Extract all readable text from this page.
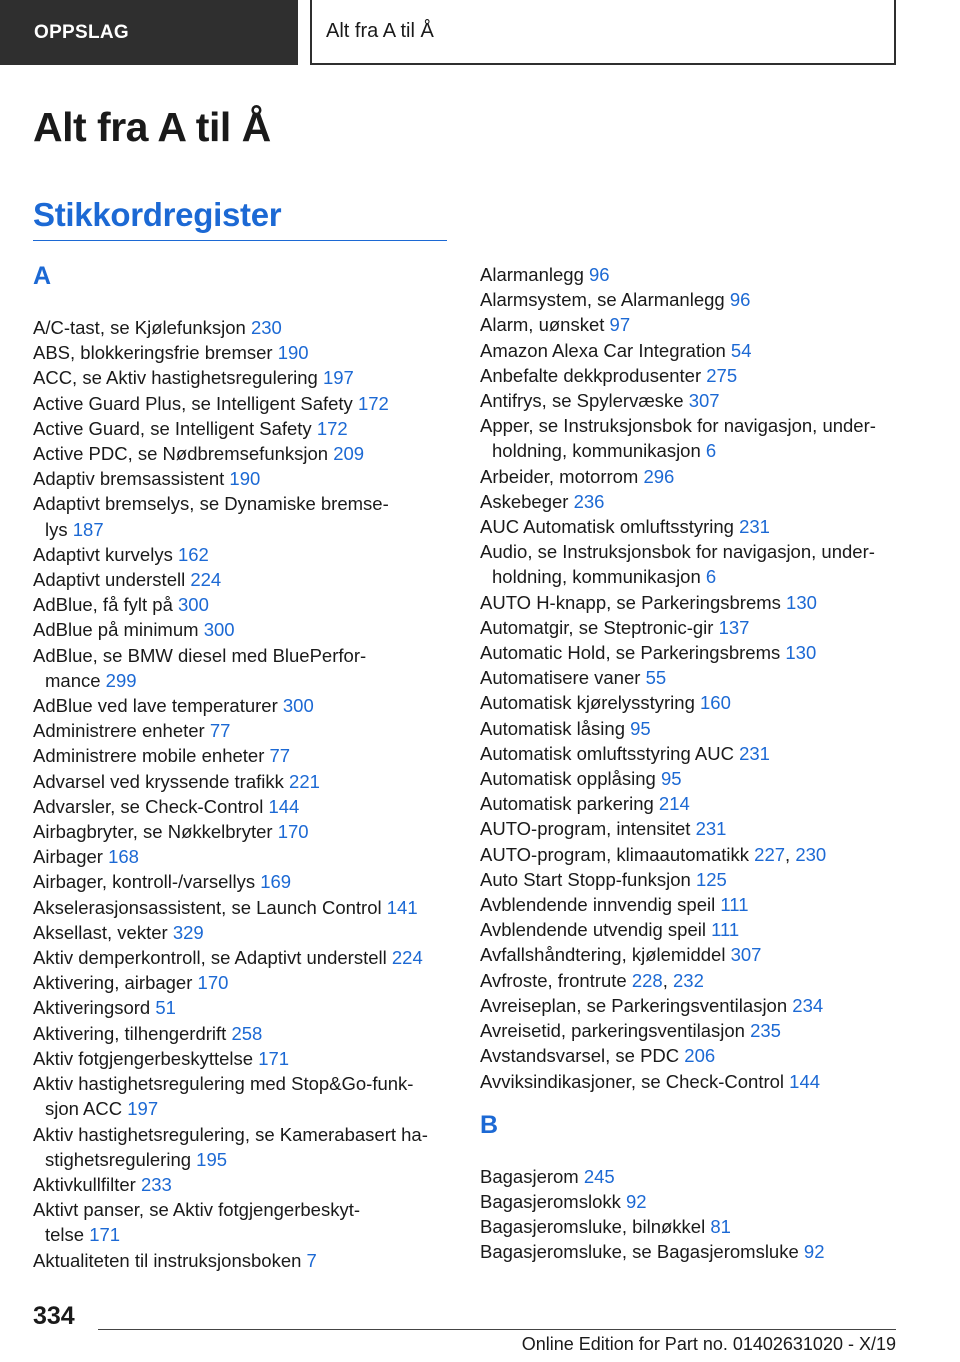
OPPSLAG	Alt fra A til Å
Alt fra A til Å
Stikkordregister
A
A/C-tast, se Kjølefunksjon 230
ABS, blokkeringsfrie bremser 190
ACC, se Aktiv hastighetsregulering 197
Active Guard Plus, se Intelligent Safety 172
Active Guard, se Intelligent Safety 172
Active PDC, se Nødbremsefunksjon 209
Adaptiv bremsassistent 190
Adaptivt bremselys, se Dynamiske bremse-
lys 187
Adaptivt kurvelys 162
Adaptivt understell 224
AdBlue, få fylt på 300
AdBlue på minimum 300
AdBlue, se BMW diesel med BluePerfor-
mance 299
AdBlue ved lave temperaturer 300
Administrere enheter 77
Administrere mobile enheter 77
Advarsel ved kryssende trafikk 221
Advarsler, se Check-Control 144
Airbagbryter, se Nøkkelbryter 170
Airbager 168
Airbager, kontroll-/varsellys 169
Akselerasjonsassistent, se Launch Control 141
Aksellast, vekter 329
Aktiv demperkontroll, se Adaptivt understell 224
Aktivering, airbager 170
Aktiveringsord 51
Aktivering, tilhengerdrift 258
Aktiv fotgjengerbeskyttelse 171
Aktiv hastighetsregulering med Stop&Go-funk-
sjon ACC 197
Aktiv hastighetsregulering, se Kamerabasert ha-
stighetsregulering 195
Aktivkullfilter 233
Aktivt panser, se Aktiv fotgjengerbeskyt-
telse 171
Aktualiteten til instruksjonsboken 7
Alarmanlegg 96
Alarmsystem, se Alarmanlegg 96
Alarm, uønsket 97
Amazon Alexa Car Integration 54
Anbefalte dekkprodusenter 275
Antifrys, se Spylervæske 307
Apper, se Instruksjonsbok for navigasjon, under-
holdning, kommunikasjon 6
Arbeider, motorrom 296
Askebeger 236
AUC Automatisk omluftsstyring 231
Audio, se Instruksjonsbok for navigasjon, under-
holdning, kommunikasjon 6
AUTO H-knapp, se Parkeringsbrems 130
Automatgir, se Steptronic-gir 137
Automatic Hold, se Parkeringsbrems 130
Automatisere vaner 55
Automatisk kjørelysstyring 160
Automatisk låsing 95
Automatisk omluftsstyring AUC 231
Automatisk opplåsing 95
Automatisk parkering 214
AUTO-program, intensitet 231
AUTO-program, klimaautomatikk 227, 230
Auto Start Stopp-funksjon 125
Avblendende innvendig speil 111
Avblendende utvendig speil 111
Avfallshåndtering, kjølemiddel 307
Avfroste, frontrute 228, 232
Avreiseplan, se Parkeringsventilasjon 234
Avreisetid, parkeringsventilasjon 235
Avstandsvarsel, se PDC 206
Avviksindikasjoner, se Check-Control 144
B
Bagasjerom 245
Bagasjeromslokk 92
Bagasjeromsluke, bilnøkkel 81
Bagasjeromsluke, se Bagasjeromsluke 92
334
Online Edition for Part no. 01402631020 - X/19
